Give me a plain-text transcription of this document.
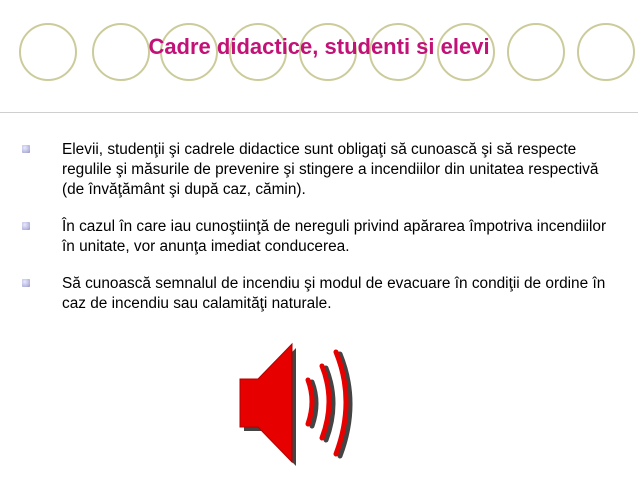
Cadre didactice, studenti si elevi
Elevii, studenţii şi cadrele didactice sunt obligaţi să cunoască şi să respecte regulile şi măsurile de prevenire şi stingere a incendiilor din unitatea respectivă (de învăţământ şi după caz, cămin).
În cazul în care iau cunoştiinţă de nereguli privind apărarea împotriva incendiilor în unitate, vor anunţa imediat conducerea.
Să cunoască semnalul de incendiu şi modul de evacuare în condiţii de ordine în caz de incendiu sau calamităţi naturale.
